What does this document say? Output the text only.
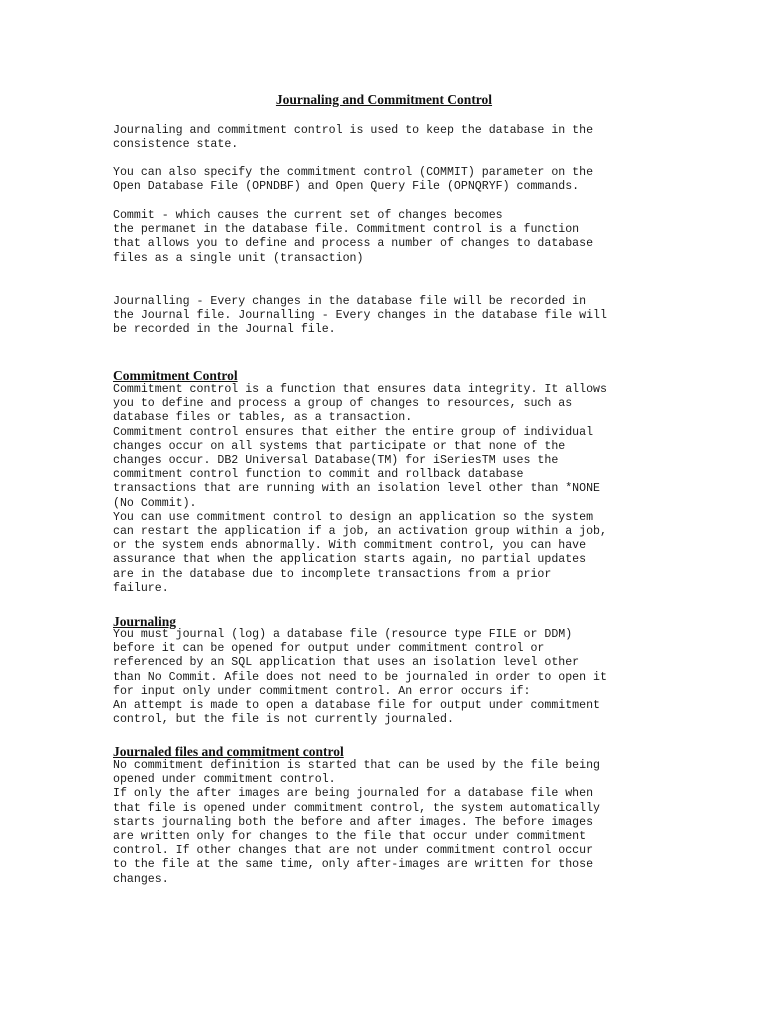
Journaling and Commitment Control
Journaling and commitment control is used to keep the database in the
consistence state.
You can also specify the commitment control (COMMIT) parameter on the
Open Database File (OPNDBF) and Open Query File (OPNQRYF) commands.
Commit - which causes the current set of changes becomes
the permanet in the database file. Commitment control is a function
that allows you to define and process a number of changes to database
files as a single unit (transaction)
Journalling - Every changes in the database file will be recorded in
the Journal file. Journalling - Every changes in the database file will
be recorded in the Journal file.
Commitment Control
Commitment control is a function that ensures data integrity. It allows
you to define and process a group of changes to resources, such as
database files or tables, as a transaction.
Commitment control ensures that either the entire group of individual
changes occur on all systems that participate or that none of the
changes occur. DB2 Universal Database(TM) for iSeriesTM uses the
commitment control function to commit and rollback database
transactions that are running with an isolation level other than *NONE
(No Commit).
You can use commitment control to design an application so the system
can restart the application if a job, an activation group within a job,
or the system ends abnormally. With commitment control, you can have
assurance that when the application starts again, no partial updates
are in the database due to incomplete transactions from a prior
failure.
Journaling
You must journal (log) a database file (resource type FILE or DDM)
before it can be opened for output under commitment control or
referenced by an SQL application that uses an isolation level other
than No Commit. Afile does not need to be journaled in order to open it
for input only under commitment control. An error occurs if:
An attempt is made to open a database file for output under commitment
control, but the file is not currently journaled.
Journaled files and commitment control
No commitment definition is started that can be used by the file being
opened under commitment control.
If only the after images are being journaled for a database file when
that file is opened under commitment control, the system automatically
starts journaling both the before and after images. The before images
are written only for changes to the file that occur under commitment
control. If other changes that are not under commitment control occur
to the file at the same time, only after-images are written for those
changes.
